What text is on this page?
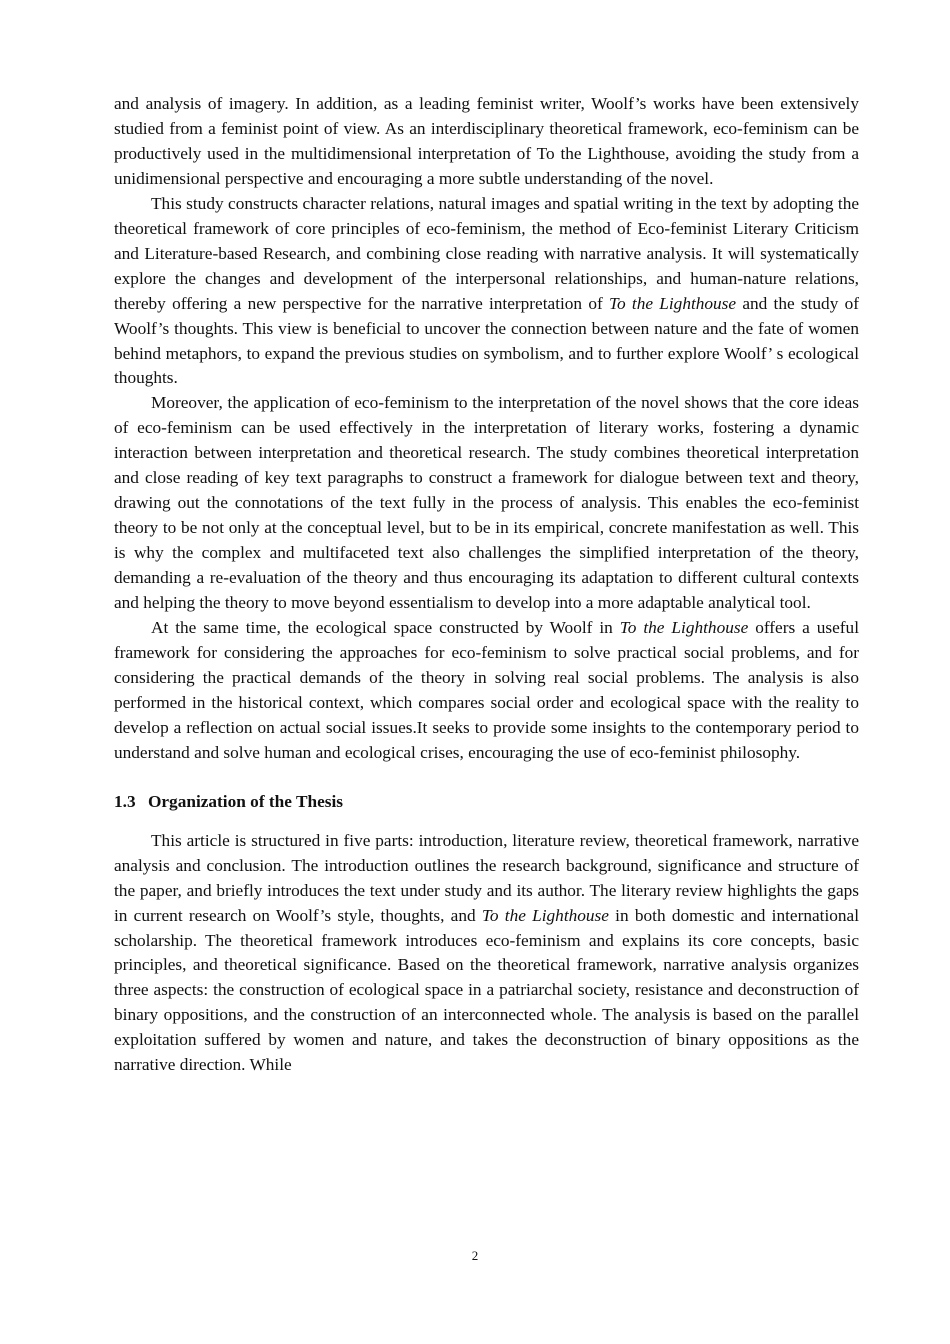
and analysis of imagery. In addition, as a leading feminist writer, Woolf’s works have been extensively studied from a feminist point of view. As an interdisciplinary theoretical framework, eco-feminism can be productively used in the multidimensional interpretation of To the Lighthouse, avoiding the study from a unidimensional perspective and encouraging a more subtle understanding of the novel.

This study constructs character relations, natural images and spatial writing in the text by adopting the theoretical framework of core principles of eco-feminism, the method of Eco-feminist Literary Criticism and Literature-based Research, and combining close reading with narrative analysis. It will systematically explore the changes and development of the interpersonal relationships, and human-nature relations, thereby offering a new perspective for the narrative interpretation of To the Lighthouse and the study of Woolf’s thoughts. This view is beneficial to uncover the connection between nature and the fate of women behind metaphors, to expand the previous studies on symbolism, and to further explore Woolf’ s ecological thoughts.

Moreover, the application of eco-feminism to the interpretation of the novel shows that the core ideas of eco-feminism can be used effectively in the interpretation of literary works, fostering a dynamic interaction between interpretation and theoretical research. The study combines theoretical interpretation and close reading of key text paragraphs to construct a framework for dialogue between text and theory, drawing out the connotations of the text fully in the process of analysis. This enables the eco-feminist theory to be not only at the conceptual level, but to be in its empirical, concrete manifestation as well. This is why the complex and multifaceted text also challenges the simplified interpretation of the theory, demanding a re-evaluation of the theory and thus encouraging its adaptation to different cultural contexts and helping the theory to move beyond essentialism to develop into a more adaptable analytical tool.

At the same time, the ecological space constructed by Woolf in To the Lighthouse offers a useful framework for considering the approaches for eco-feminism to solve practical social problems, and for considering the practical demands of the theory in solving real social problems. The analysis is also performed in the historical context, which compares social order and ecological space with the reality to develop a reflection on actual social issues.It seeks to provide some insights to the contemporary period to understand and solve human and ecological crises, encouraging the use of eco-feminist philosophy.

1.3 Organization of the Thesis

This article is structured in five parts: introduction, literature review, theoretical framework, narrative analysis and conclusion. The introduction outlines the research background, significance and structure of the paper, and briefly introduces the text under study and its author. The literary review highlights the gaps in current research on Woolf’s style, thoughts, and To the Lighthouse in both domestic and international scholarship. The theoretical framework introduces eco-feminism and explains its core concepts, basic principles, and theoretical significance. Based on the theoretical framework, narrative analysis organizes three aspects: the construction of ecological space in a patriarchal society, resistance and deconstruction of binary oppositions, and the construction of an interconnected whole. The analysis is based on the parallel exploitation suffered by women and nature, and takes the deconstruction of binary oppositions as the narrative direction. While

2
